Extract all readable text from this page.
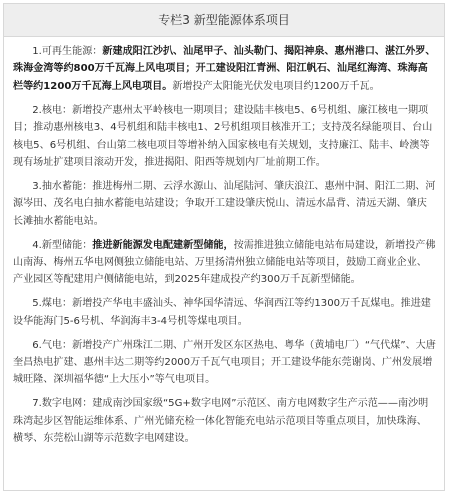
专栏3 新型能源体系项目

1.可再生能源：新建成阳江沙扒、汕尾甲子、汕头勒门、揭阳神泉、惠州港口、湛江外罗、珠海金湾等约800万千瓦海上风电项目；开工建设阳江青洲、阳江帆石、汕尾红海湾、珠海高栏等约1200万千瓦海上风电项目。新增投产太阳能光伏发电项目约1200万千瓦。

2.核电：新增投产惠州太平岭核电一期项目；建设陆丰核电5、6号机组、廉江核电一期项目；推动惠州核电3、4号机组和陆丰核电1、2号机组项目核准开工；支持茂名绿能项目、台山核电5、6号机组、台山第二核电项目等增补纳入国家核电有关规划，支持廉江、陆丰、岭澳等现有场址扩建项目滚动开发，推进揭阳、阳西等规划内厂址前期工作。

3.抽水蓄能：推进梅州二期、云浮水源山、汕尾陆河、肇庆浪江、惠州中洞、阳江二期、河源岑田、茂名电白抽水蓄能电站建设；争取开工建设肇庆悦山、清远水晶背、清远天湖、肇庆长滩抽水蓄能电站。

4.新型储能：推进新能源发电配建新型储能，按需推进独立储能电站布局建设，新增投产佛山南海、梅州五华电网侧独立储能电站、万里扬清州独立储能电站等项目，鼓励工商业企业、产业园区等配建用户侧储能电站，到2025年建成投产约300万千瓦新型储能。

5.煤电：新增投产华电丰盛汕头、神华国华清远、华润西江等约1300万千瓦煤电。推进建设华能海门5-6号机、华润海丰3-4号机等煤电项目。

6.气电：新增投产广州珠江二期、广州开发区东区热电、粤华（黄埔电厂）“气代煤”、大唐奎昌热电扩建、惠州丰达二期等约2000万千瓦气电项目；开工建设华能东莞谢岗、广州发展增城旺隆、深圳福华德“上大压小”等气电项目。

7.数字电网：建成南沙国家级“5G+数字电网”示范区、南方电网数字生产示范——南沙明珠湾起步区智能运维体系、广州光储充检一体化智能充电站示范项目等重点项目，加快珠海、横琴、东莞松山湖等示范数字电网建设。
